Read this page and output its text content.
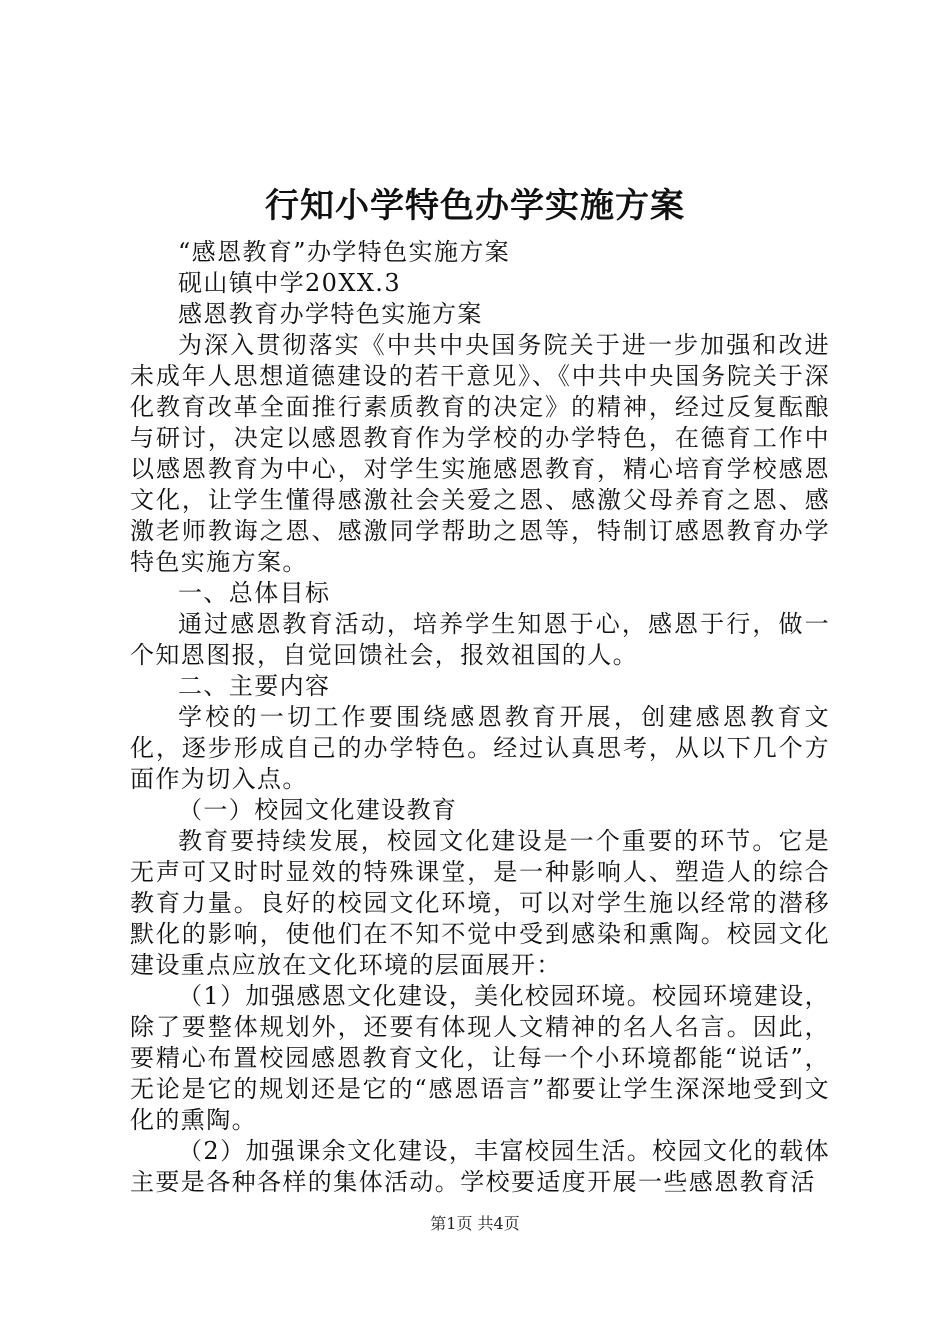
行知小学特色办学实施方案

“感恩教育”办学特色实施方案

砚山镇中学20XX.3

感恩教育办学特色实施方案

为深入贯彻落实《中共中央国务院关于进一步加强和改进未成年人思想道德建设的若干意见》、《中共中央国务院关于深化教育改革全面推行素质教育的决定》的精神，经过反复酝酿与研讨，决定以感恩教育作为学校的办学特色，在德育工作中以感恩教育为中心，对学生实施感恩教育，精心培育学校感恩文化，让学生懂得感激社会关爱之恩、感激父母养育之恩、感激老师教诲之恩、感激同学帮助之恩等，特制订感恩教育办学特色实施方案。

一、总体目标

通过感恩教育活动，培养学生知恩于心，感恩于行，做一个知恩图报，自觉回馈社会，报效祖国的人。

二、主要内容

学校的一切工作要围绕感恩教育开展，创建感恩教育文化，逐步形成自己的办学特色。经过认真思考，从以下几个方面作为切入点。

（一）校园文化建设教育

教育要持续发展，校园文化建设是一个重要的环节。它是无声可又时时显效的特殊课堂，是一种影响人、塑造人的综合教育力量。良好的校园文化环境，可以对学生施以经常的潜移默化的影响，使他们在不知不觉中受到感染和熏陶。校园文化建设重点应放在文化环境的层面展开：

（1）加强感恩文化建设，美化校园环境。校园环境建设，除了要整体规划外，还要有体现人文精神的名人名言。因此，要精心布置校园感恩教育文化，让每一个小环境都能“说话”，无论是它的规划还是它的“感恩语言”都要让学生深深地受到文化的熏陶。

（2）加强课余文化建设，丰富校园生活。校园文化的载体主要是各种各样的集体活动。学校要适度开展一些感恩教育活

第1页 共4页
